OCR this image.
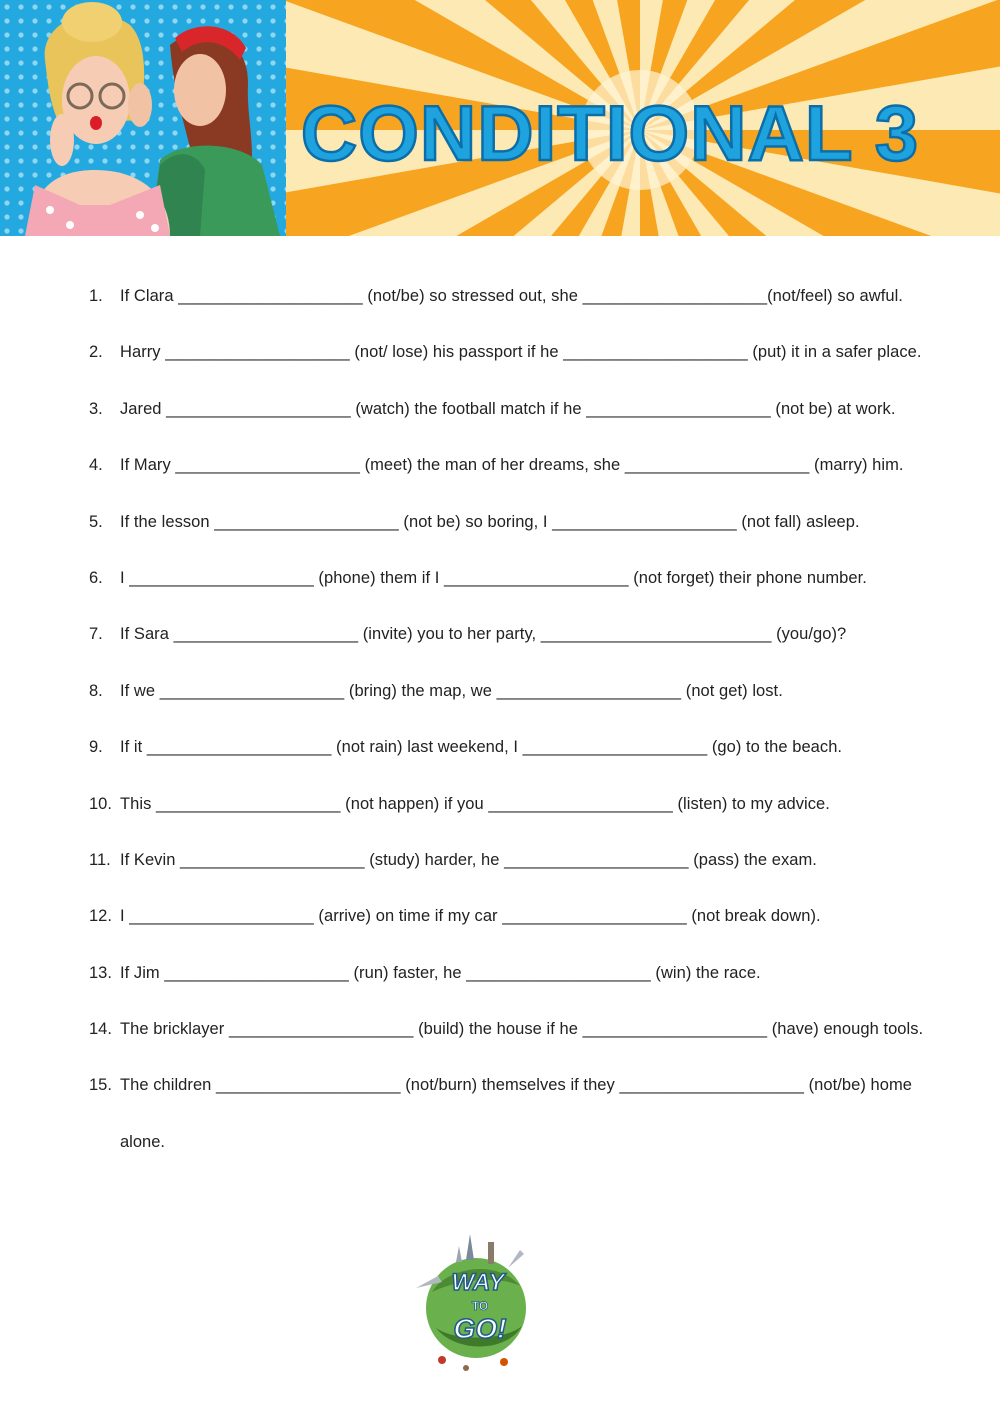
CONDITIONAL 3
1. If Clara ____________________ (not/be) so stressed out, she ____________________(not/feel) so awful.
2. Harry ____________________ (not/ lose) his passport if he ____________________ (put) it in a safer place.
3. Jared ____________________ (watch) the football match if he ____________________ (not be) at work.
4. If Mary ____________________ (meet) the man of her dreams, she ____________________ (marry) him.
5. If the lesson ____________________ (not be) so boring, I ____________________ (not fall) asleep.
6. I ____________________ (phone) them if I ____________________ (not forget) their phone number.
7. If Sara ____________________ (invite) you to her party, _________________________ (you/go)?
8. If we ____________________ (bring) the map, we ____________________ (not get) lost.
9. If it ____________________ (not rain) last weekend, I ____________________ (go) to the beach.
10. This ____________________ (not happen) if you ____________________ (listen) to my advice.
11. If Kevin ____________________ (study) harder, he ____________________ (pass) the exam.
12. I ____________________ (arrive) on time if my car ____________________ (not break down).
13. If Jim ____________________ (run) faster, he ____________________ (win) the race.
14. The bricklayer ____________________ (build) the house if he ____________________ (have) enough tools.
15. The children ____________________ (not/burn) themselves if they ____________________ (not/be) home
alone.
WAY
TO
GO!
